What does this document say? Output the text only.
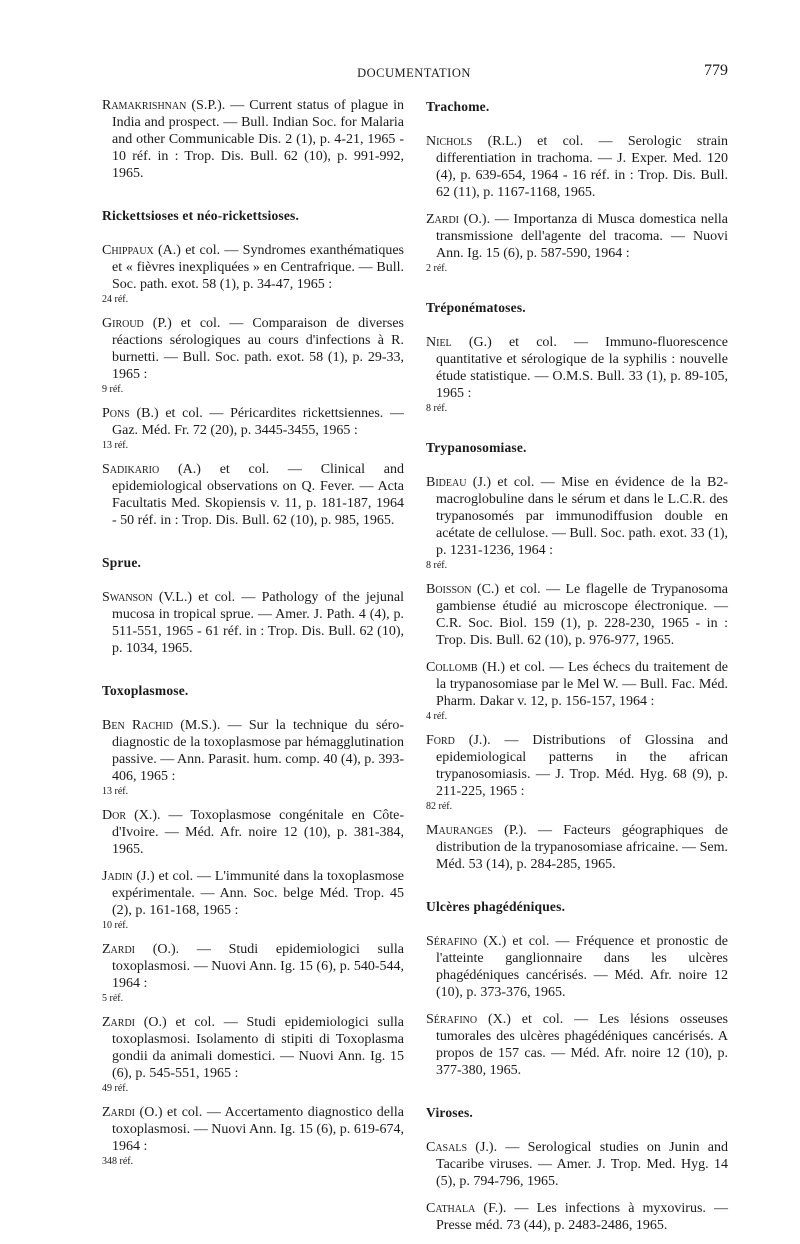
DOCUMENTATION	779
Ramakrishnan (S.P.). — Current status of plague in India and prospect. — Bull. Indian Soc. for Malaria and other Communicable Dis. 2 (1), p. 4-21, 1965 - 10 réf. in : Trop. Dis. Bull. 62 (10), p. 991-992, 1965.
Rickettsioses et néo-rickettsioses.
Chippaux (A.) et col. — Syndromes exanthématiques et « fièvres inexpliquées » en Centrafrique. — Bull. Soc. path. exot. 58 (1), p. 34-47, 1965 :
24 réf.
Giroud (P.) et col. — Comparaison de diverses réactions sérologiques au cours d'infections à R. burnetti. — Bull. Soc. path. exot. 58 (1), p. 29-33, 1965 :
9 réf.
Pons (B.) et col. — Péricardites rickettsiennes. — Gaz. Méd. Fr. 72 (20), p. 3445-3455, 1965 :
13 réf.
Sadikario (A.) et col. — Clinical and epidemiological observations on Q. Fever. — Acta Facultatis Med. Skopiensis v. 11, p. 181-187, 1964 - 50 réf. in : Trop. Dis. Bull. 62 (10), p. 985, 1965.
Sprue.
Swanson (V.L.) et col. — Pathology of the jejunal mucosa in tropical sprue. — Amer. J. Path. 4 (4), p. 511-551, 1965 - 61 réf. in : Trop. Dis. Bull. 62 (10), p. 1034, 1965.
Toxoplasmose.
Ben Rachid (M.S.). — Sur la technique du séro-diagnostic de la toxoplasmose par hémagglutination passive. — Ann. Parasit. hum. comp. 40 (4), p. 393-406, 1965 :
13 réf.
Dor (X.). — Toxoplasmose congénitale en Côte-d'Ivoire. — Méd. Afr. noire 12 (10), p. 381-384, 1965.
Jadin (J.) et col. — L'immunité dans la toxoplasmose expérimentale. — Ann. Soc. belge Méd. Trop. 45 (2), p. 161-168, 1965 :
10 réf.
Zardi (O.). — Studi epidemiologici sulla toxoplasmosi. — Nuovi Ann. Ig. 15 (6), p. 540-544, 1964 :
5 réf.
Zardi (O.) et col. — Studi epidemiologici sulla toxoplasmosi. Isolamento di stipiti di Toxoplasma gondii da animali domestici. — Nuovi Ann. Ig. 15 (6), p. 545-551, 1965 :
49 réf.
Zardi (O.) et col. — Accertamento diagnostico della toxoplasmosi. — Nuovi Ann. Ig. 15 (6), p. 619-674, 1964 :
348 réf.
Trachome.
Nichols (R.L.) et col. — Serologic strain differentiation in trachoma. — J. Exper. Med. 120 (4), p. 639-654, 1964 - 16 réf. in : Trop. Dis. Bull. 62 (11), p. 1167-1168, 1965.
Zardi (O.). — Importanza di Musca domestica nella transmissione dell'agente del tracoma. — Nuovi Ann. Ig. 15 (6), p. 587-590, 1964 :
2 réf.
Tréponématoses.
Niel (G.) et col. — Immuno-fluorescence quantitative et sérologique de la syphilis : nouvelle étude statistique. — O.M.S. Bull. 33 (1), p. 89-105, 1965 :
8 réf.
Trypanosomiase.
Bideau (J.) et col. — Mise en évidence de la B2-macroglobuline dans le sérum et dans le L.C.R. des trypanosomés par immunodiffusion double en acétate de cellulose. — Bull. Soc. path. exot. 33 (1), p. 1231-1236, 1964 :
8 réf.
Boisson (C.) et col. — Le flagelle de Trypanosoma gambiense étudié au microscope électronique. — C.R. Soc. Biol. 159 (1), p. 228-230, 1965 - in : Trop. Dis. Bull. 62 (10), p. 976-977, 1965.
Collomb (H.) et col. — Les échecs du traitement de la trypanosomiase par le Mel W. — Bull. Fac. Méd. Pharm. Dakar v. 12, p. 156-157, 1964 :
4 réf.
Ford (J.). — Distributions of Glossina and epidemiological patterns in the african trypanosomiasis. — J. Trop. Méd. Hyg. 68 (9), p. 211-225, 1965 :
82 réf.
Mauranges (P.). — Facteurs géographiques de distribution de la trypanosomiase africaine. — Sem. Méd. 53 (14), p. 284-285, 1965.
Ulcères phagédéniques.
Sérafino (X.) et col. — Fréquence et pronostic de l'atteinte ganglionnaire dans les ulcères phagédéniques cancérisés. — Méd. Afr. noire 12 (10), p. 373-376, 1965.
Sérafino (X.) et col. — Les lésions osseuses tumorales des ulcères phagédéniques cancérisés. A propos de 157 cas. — Méd. Afr. noire 12 (10), p. 377-380, 1965.
Viroses.
Casals (J.). — Serological studies on Junin and Tacaribe viruses. — Amer. J. Trop. Med. Hyg. 14 (5), p. 794-796, 1965.
Cathala (F.). — Les infections à myxovirus. — Presse méd. 73 (44), p. 2483-2486, 1965.
